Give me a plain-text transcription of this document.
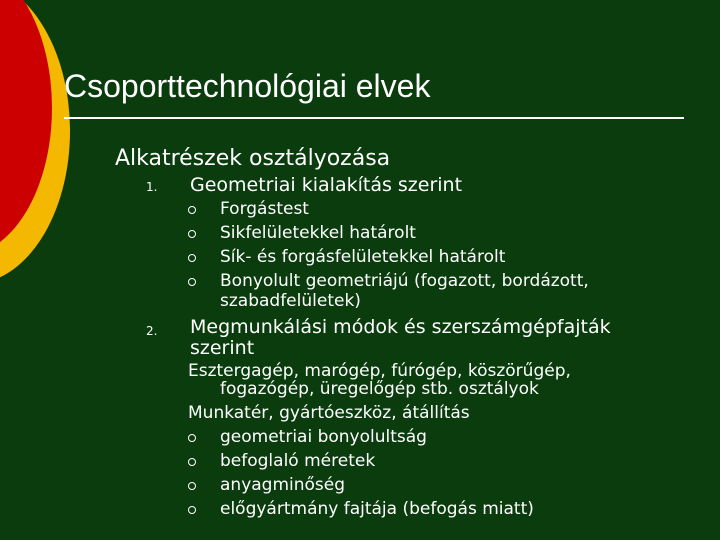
Csoporttechnológiai elvek
Alkatrészek osztályozása
1. Geometriai kialakítás szerint
Forgástest
Sikfelületekkel határolt
Sík- és forgásfelületekkel határolt
Bonyolult geometriájú (fogazott, bordázott,
szabadfelületek)
2. Megmunkálási módok és szerszámgépfajták
szerint
Esztergagép, marógép, fúrógép, köszörűgép,
fogazógép, üregelőgép stb. osztályok
Munkatér, gyártóeszköz, átállítás
geometriai bonyolultság
befoglaló méretek
anyagminőség
előgyártmány fajtája (befogás miatt)
